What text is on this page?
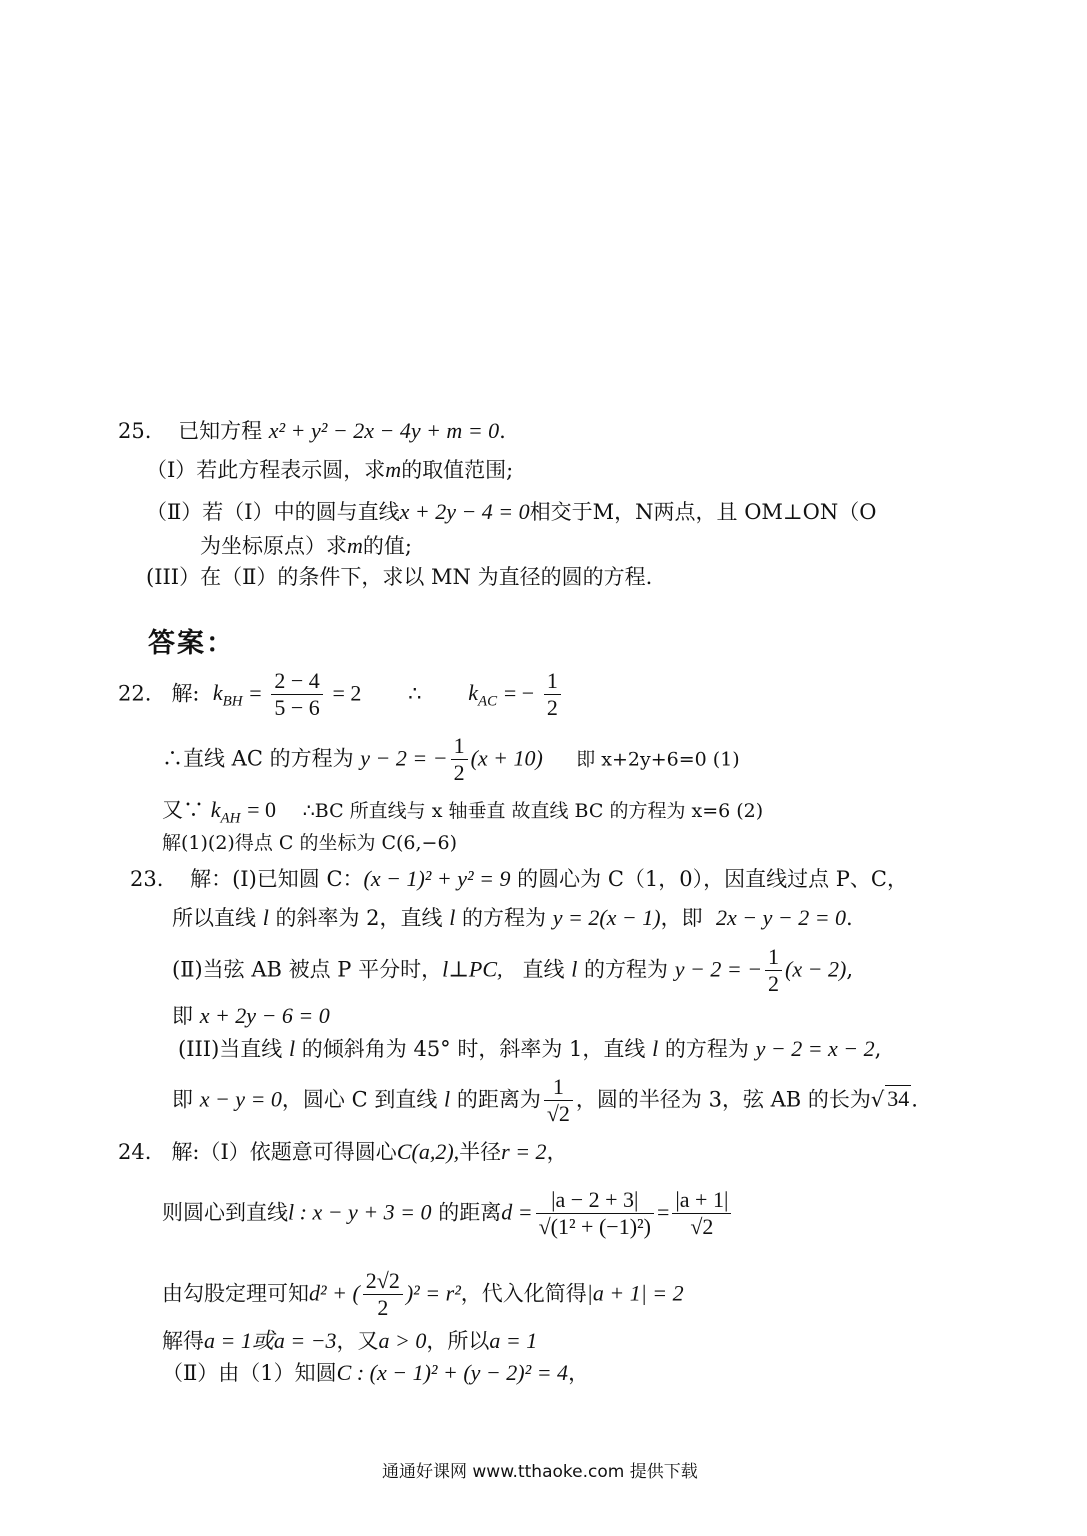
25. 已知方程 x² + y² − 2x − 4y + m = 0.
（Ⅰ）若此方程表示圆，求m的取值范围;
（Ⅱ）若（Ⅰ）中的圆与直线x + 2y − 4 = 0相交于M，N两点，且 OM⊥ON（O
为坐标原点）求m的值;
(III）在（Ⅱ）的条件下，求以 MN 为直径的圆的方程.
答案：
22. 解: $k_{BH} = \frac{2 - 4}{5 - 6} = 2$ ∴ $k_{AC}$ = − $\frac{1}{2}$
∴直线 AC 的方程为 y − 2 = − $\frac{1}{2} (x + 10)$ 即 x+2y+6=0 (1)
又∵ $k_{AH} = 0$ ∴BC 所直线与 x 轴垂直 故直线 BC 的方程为 x=6 (2)
解(1)(2)得点 C 的坐标为 C(6,−6)
23. 解：(Ⅰ)已知圆 C：(x − 1)² + y² = 9 的圆心为 C（1，0），因直线过点 P、C，
所以直线 l 的斜率为 2，直线 l 的方程为 y = 2(x − 1)，即 2x − y − 2 = 0.
(Ⅱ)当弦 AB 被点 P 平分时，l⊥PC, 直线 l 的方程为 y − 2 = − $\frac{1}{2} (x - 2)$,
即 x + 2y − 6 = 0
(III)当直线 l 的倾斜角为 45° 时，斜率为 1，直线 l 的方程为 y − 2 = x − 2,
即 x − y = 0，圆心 C 到直线 l 的距离为 $\frac{1}{√2}$ ，圆的半径为 3，弦 AB 的长为√ 34.
24. 解:（Ⅰ）依题意可得圆心C(a,2),半径r = 2，
则圆心到直线l : x − y + 3 = 0 的距离$d = \frac{|a - 2 + 3|}{\text{√(1² + (−1)²)}} = \frac{|a + 1|}{√2}$
由勾股定理可知d² + ( $\frac{2√2}{2} )^2 = r^2$，代入化简得|a + 1| = 2
解得a = 1或a = −3，又a > 0，所以a = 1
（Ⅱ）由（1）知圆C : (x − 1)² + (y − 2)² = 4，
通通好课网 www.tthaoke.com 提供下载
